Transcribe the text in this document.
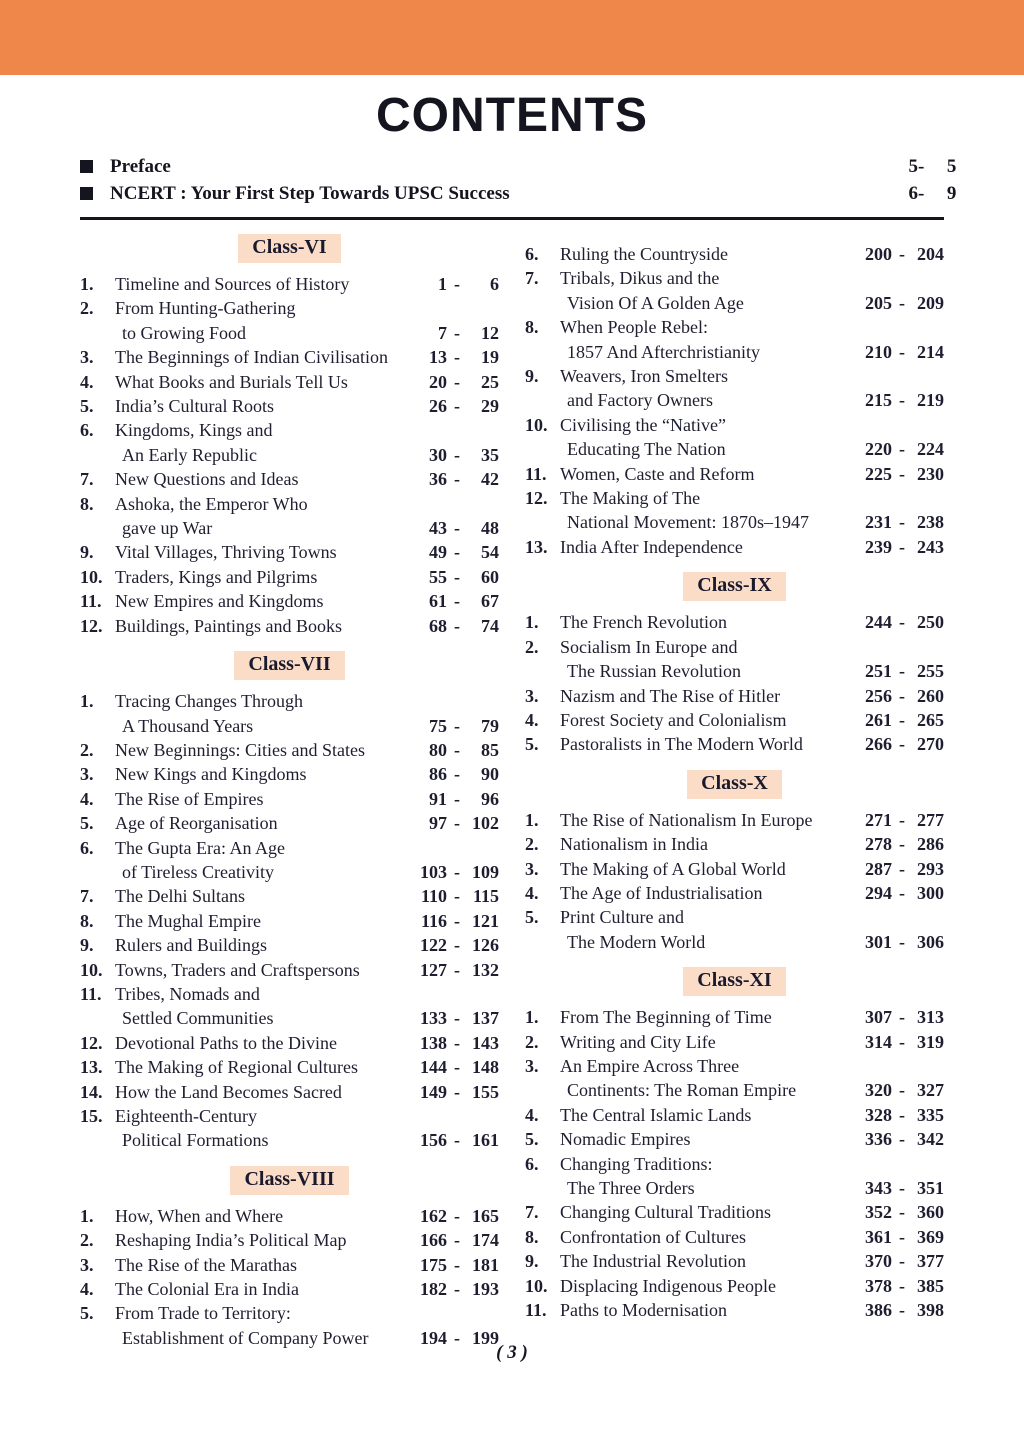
CONTENTS
Preface	5 -	5
NCERT : Your First Step Towards UPSC Success	6 -	9
Class-VI
1.	Timeline and Sources of History	1 -	6
2.	From Hunting-Gathering
to Growing Food	7 -	12
3.	The Beginnings of Indian Civilisation	13 -	19
4.	What Books and Burials Tell Us	20 -	25
5.	India’s Cultural Roots	26 -	29
6.	Kingdoms, Kings and
An Early Republic	30 -	35
7.	New Questions and Ideas	36 -	42
8.	Ashoka, the Emperor Who
gave up War	43 -	48
9.	Vital Villages, Thriving Towns	49 -	54
10. Traders, Kings and Pilgrims	55 -	60
11. New Empires and Kingdoms	61 -	67
12. Buildings, Paintings and Books	68 -	74
Class-VII
1.	Tracing Changes Through
A Thousand Years	75 -	79
2.	New Beginnings: Cities and States	80 -	85
3.	New Kings and Kingdoms	86 -	90
4.	The Rise of Empires	91 -	96
5.	Age of Reorganisation	97 - 102
6.	The Gupta Era: An Age
of Tireless Creativity	103 - 109
7.	The Delhi Sultans	110 - 115
8.	The Mughal Empire	116 - 121
9.	Rulers and Buildings	122 - 126
10. Towns, Traders and Craftspersons	127 - 132
11. Tribes, Nomads and
Settled Communities	133 - 137
12. Devotional Paths to the Divine	138 - 143
13. The Making of Regional Cultures	144 - 148
14. How the Land Becomes Sacred	149 - 155
15. Eighteenth-Century
Political Formations	156 - 161
Class-VIII
1.	How, When and Where	162 - 165
2.	Reshaping India’s Political Map	166 - 174
3.	The Rise of the Marathas	175 - 181
4.	The Colonial Era in India	182 - 193
5.	From Trade to Territory:
Establishment of Company Power	194 - 199
6.	Ruling the Countryside	200 - 204
7.	Tribals, Dikus and the
Vision Of A Golden Age	205 - 209
8.	When People Rebel:
1857 And Afterchristianity	210 - 214
9.	Weavers, Iron Smelters
and Factory Owners	215 - 219
10. Civilising the “Native”
Educating The Nation	220 - 224
11. Women, Caste and Reform	225 - 230
12. The Making of The
National Movement: 1870s–1947	231 - 238
13. India After Independence	239 - 243
Class-IX
1.	The French Revolution	244 - 250
2.	Socialism In Europe and
The Russian Revolution	251 - 255
3.	Nazism and The Rise of Hitler	256 - 260
4.	Forest Society and Colonialism	261 - 265
5.	Pastoralists in The Modern World	266 - 270
Class-X
1.	The Rise of Nationalism In Europe	271 - 277
2.	Nationalism in India	278 - 286
3.	The Making of A Global World	287 - 293
4.	The Age of Industrialisation	294 - 300
5.	Print Culture and
The Modern World	301 - 306
Class-XI
1.	From The Beginning of Time	307 - 313
2.	Writing and City Life	314 - 319
3.	An Empire Across Three
Continents: The Roman Empire	320 - 327
4.	The Central Islamic Lands	328 - 335
5.	Nomadic Empires	336 - 342
6.	Changing Traditions:
The Three Orders	343 - 351
7.	Changing Cultural Traditions	352 - 360
8.	Confrontation of Cultures	361 - 369
9.	The Industrial Revolution	370 - 377
10. Displacing Indigenous People	378 - 385
11. Paths to Modernisation	386 - 398
( 3 )
